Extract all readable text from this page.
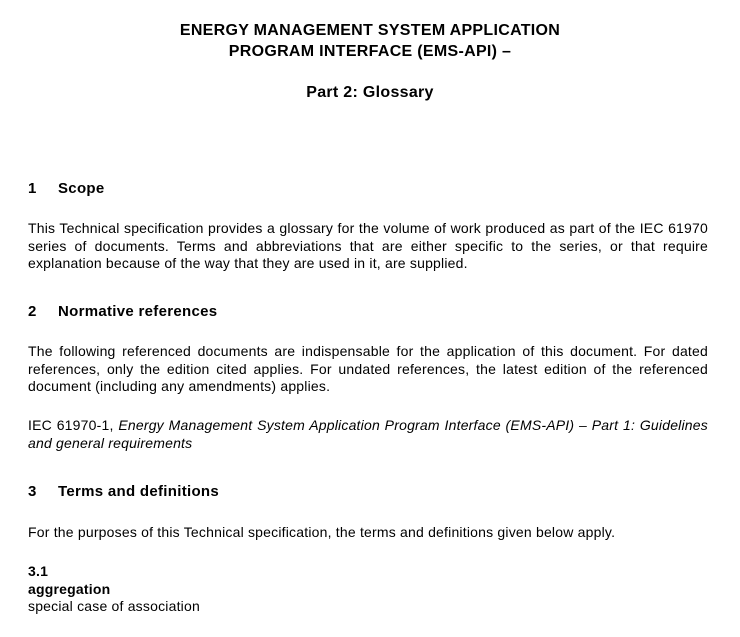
ENERGY MANAGEMENT SYSTEM APPLICATION
PROGRAM INTERFACE (EMS-API) –
Part 2: Glossary
1 Scope
This Technical specification provides a glossary for the volume of work produced as part of the IEC 61970 series of documents. Terms and abbreviations that are either specific to the series, or that require explanation because of the way that they are used in it, are supplied.
2 Normative references
The following referenced documents are indispensable for the application of this document. For dated references, only the edition cited applies. For undated references, the latest edition of the referenced document (including any amendments) applies.
IEC 61970-1, Energy Management System Application Program Interface (EMS-API) – Part 1: Guidelines and general requirements
3 Terms and definitions
For the purposes of this Technical specification, the terms and definitions given below apply.
3.1
aggregation
special case of association
